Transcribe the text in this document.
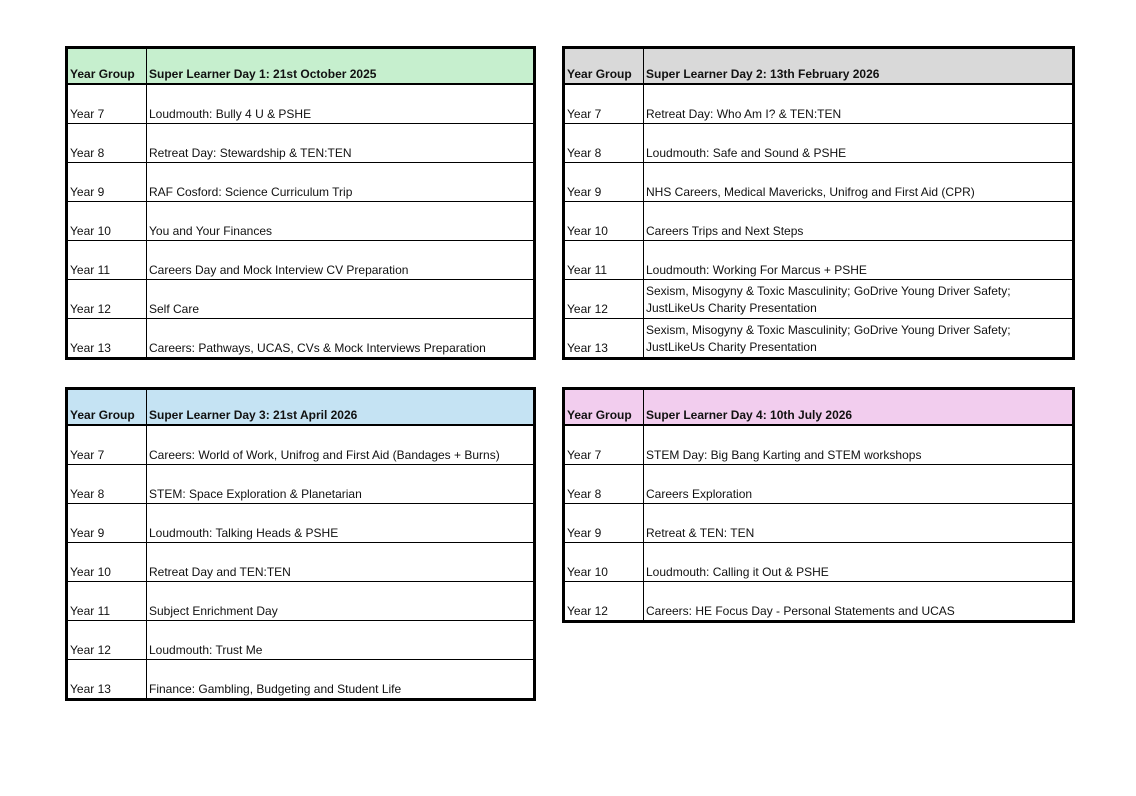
Year Group	Super Learner Day 1: 21st October 2025
Year 7	Loudmouth: Bully 4 U & PSHE
Year 8	Retreat Day: Stewardship & TEN:TEN
Year 9	RAF Cosford: Science Curriculum Trip
Year 10	You and Your Finances
Year 11	Careers Day and Mock Interview CV Preparation
Year 12	Self Care
Year 13	Careers: Pathways, UCAS, CVs & Mock Interviews Preparation
Year Group	Super Learner Day 2: 13th February 2026
Year 7	Retreat Day: Who Am I? & TEN:TEN
Year 8	Loudmouth: Safe and Sound & PSHE
Year 9	NHS Careers, Medical Mavericks, Unifrog and First Aid (CPR)
Year 10	Careers Trips and Next Steps
Year 11	Loudmouth: Working For Marcus + PSHE
Year 12	Sexism, Misogyny & Toxic Masculinity; GoDrive Young Driver Safety; JustLikeUs Charity Presentation
Year 13	Sexism, Misogyny & Toxic Masculinity; GoDrive Young Driver Safety; JustLikeUs Charity Presentation
Year Group	Super Learner Day 3: 21st April 2026
Year 7	Careers: World of Work, Unifrog and First Aid (Bandages + Burns)
Year 8	STEM: Space Exploration & Planetarian
Year 9	Loudmouth: Talking Heads & PSHE
Year 10	Retreat Day and TEN:TEN
Year 11	Subject Enrichment Day
Year 12	Loudmouth: Trust Me
Year 13	Finance: Gambling, Budgeting and Student Life
Year Group	Super Learner Day 4: 10th July 2026
Year 7	STEM Day: Big Bang Karting and STEM workshops
Year 8	Careers Exploration
Year 9	Retreat & TEN: TEN
Year 10	Loudmouth: Calling it Out & PSHE
Year 12	Careers: HE Focus Day - Personal Statements and UCAS
